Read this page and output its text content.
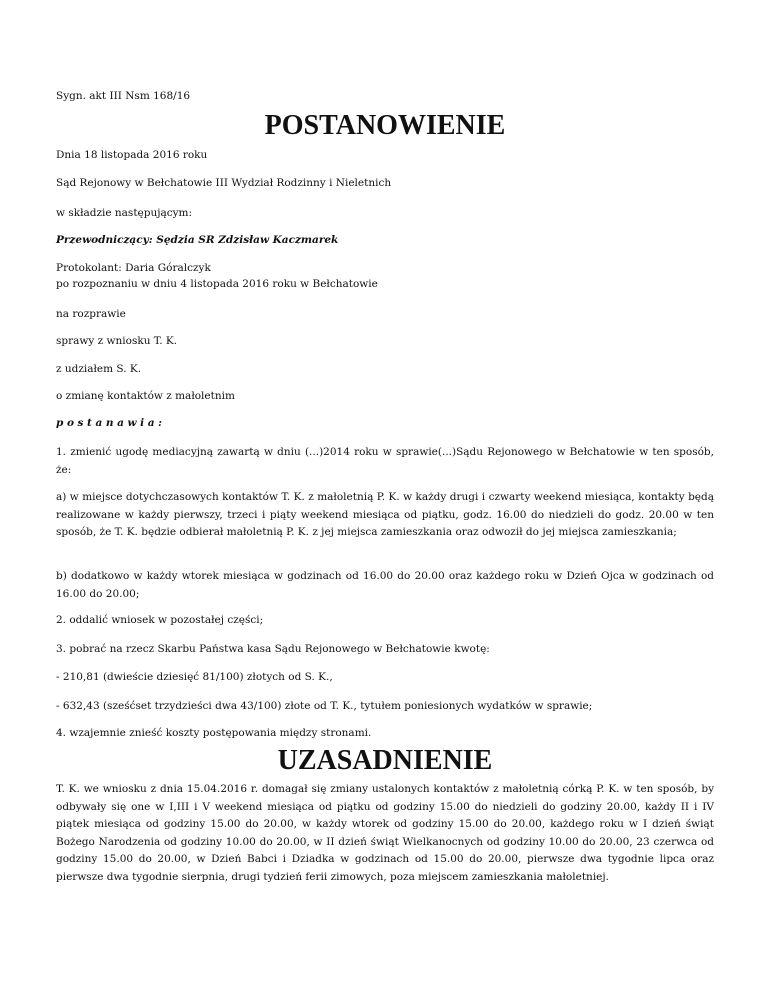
Sygn. akt III Nsm 168/16

POSTANOWIENIE

Dnia 18 listopada 2016 roku

Sąd Rejonowy w Bełchatowie III Wydział Rodzinny i Nieletnich

w składzie następującym:

Przewodniczący: Sędzia SR Zdzisław Kaczmarek

Protokolant: Daria Góralczyk

po rozpoznaniu w dniu 4 listopada 2016 roku w Bełchatowie

na rozprawie

sprawy z wniosku T. K.

z udziałem S. K.

o zmianę kontaktów z małoletnim

postanawia:

1. zmienić ugodę mediacyjną zawartą w dniu (...)2014 roku w sprawie(...)Sądu Rejonowego w Bełchatowie w ten sposób, że:

a) w miejsce dotychczasowych kontaktów T. K. z małoletnią P. K. w każdy drugi i czwarty weekend miesiąca, kontakty będą realizowane w każdy pierwszy, trzeci i piąty weekend miesiąca od piątku, godz. 16.00 do niedzieli do godz. 20.00 w ten sposób, że T. K. będzie odbierał małoletnią P. K. z jej miejsca zamieszkania oraz odwoził do jej miejsca zamieszkania;

b) dodatkowo w każdy wtorek miesiąca w godzinach od 16.00 do 20.00 oraz każdego roku w Dzień Ojca w godzinach od 16.00 do 20.00;

2. oddalić wniosek w pozostałej części;

3. pobrać na rzecz Skarbu Państwa kasa Sądu Rejonowego w Bełchatowie kwotę:

- 210,81 (dwieście dziesięć 81/100) złotych od S. K.,

- 632,43 (sześćset trzydzieści dwa 43/100) złote od T. K., tytułem poniesionych wydatków w sprawie;

4. wzajemnie znieść koszty postępowania między stronami.

UZASADNIENIE

T. K. we wniosku z dnia 15.04.2016 r. domagał się zmiany ustalonych kontaktów z małoletnią córką P. K. w ten sposób, by odbywały się one w I,III i V weekend miesiąca od piątku od godziny 15.00 do niedzieli do godziny 20.00, każdy II i IV piątek miesiąca od godziny 15.00 do 20.00, w każdy wtorek od godziny 15.00 do 20.00, każdego roku w I dzień świąt Bożego Narodzenia od godziny 10.00 do 20.00, w II dzień świąt Wielkanocnych od godziny 10.00 do 20.00, 23 czerwca od godziny 15.00 do 20.00, w Dzień Babci i Dziadka w godzinach od 15.00 do 20.00, pierwsze dwa tygodnie lipca oraz pierwsze dwa tygodnie sierpnia, drugi tydzień ferii zimowych, poza miejscem zamieszkania małoletniej.
